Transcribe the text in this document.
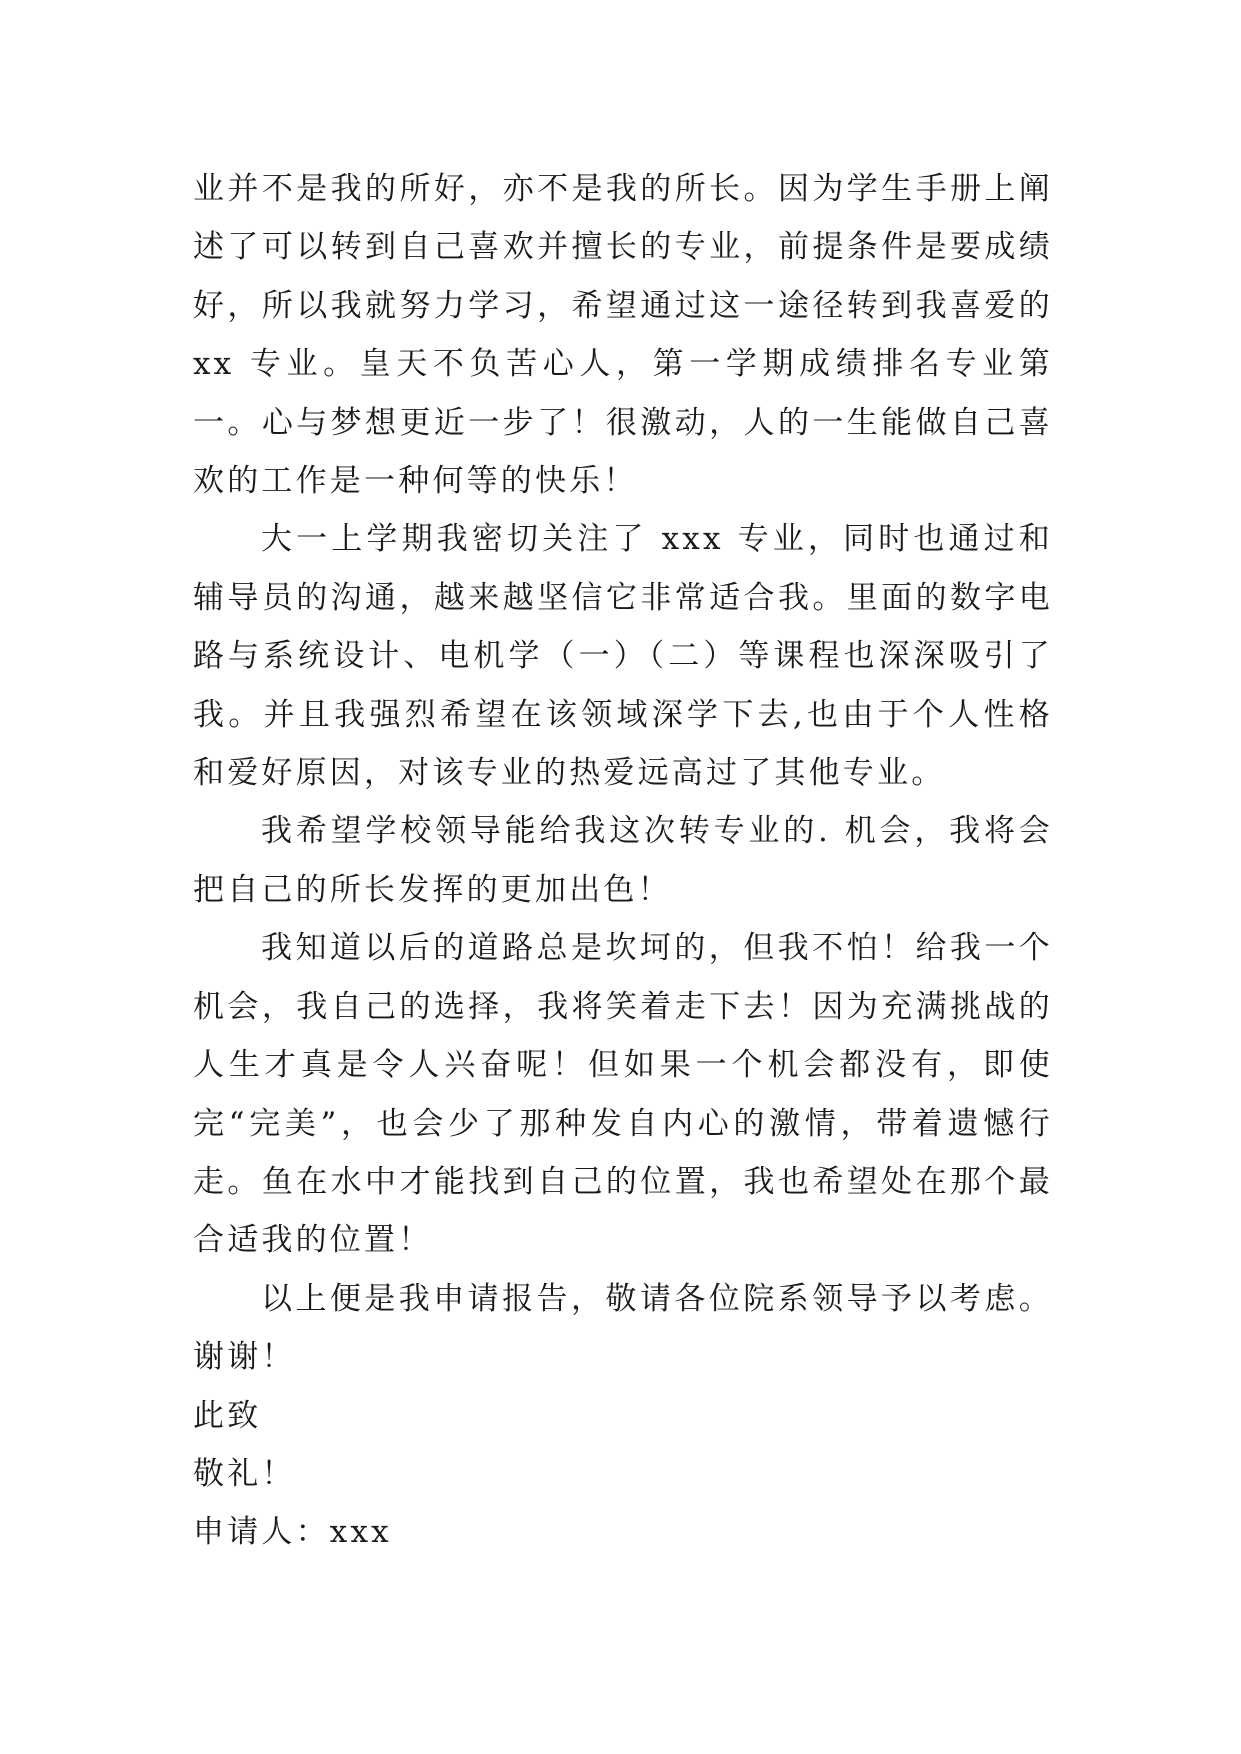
业并不是我的所好，亦不是我的所长。因为学生手册上阐述了可以转到自己喜欢并擅长的专业，前提条件是要成绩好，所以我就努力学习，希望通过这一途径转到我喜爱的 xx 专业。皇天不负苦心人，第一学期成绩排名专业第一。心与梦想更近一步了！很激动，人的一生能做自己喜欢的工作是一种何等的快乐！

大一上学期我密切关注了 xxx 专业，同时也通过和辅导员的沟通，越来越坚信它非常适合我。里面的数字电路与系统设计、电机学（一）（二）等课程也深深吸引了我。并且我强烈希望在该领域深学下去,也由于个人性格和爱好原因，对该专业的热爱远高过了其他专业。

我希望学校领导能给我这次转专业的. 机会，我将会把自己的所长发挥的更加出色！

我知道以后的道路总是坎坷的，但我不怕！给我一个机会，我自己的选择，我将笑着走下去！因为充满挑战的人生才真是令人兴奋呢！但如果一个机会都没有，即使完“完美”，也会少了那种发自内心的激情，带着遗憾行走。鱼在水中才能找到自己的位置，我也希望处在那个最合适我的位置！

以上便是我申请报告，敬请各位院系领导予以考虑。谢谢！

此致

敬礼！

申请人：xxx
